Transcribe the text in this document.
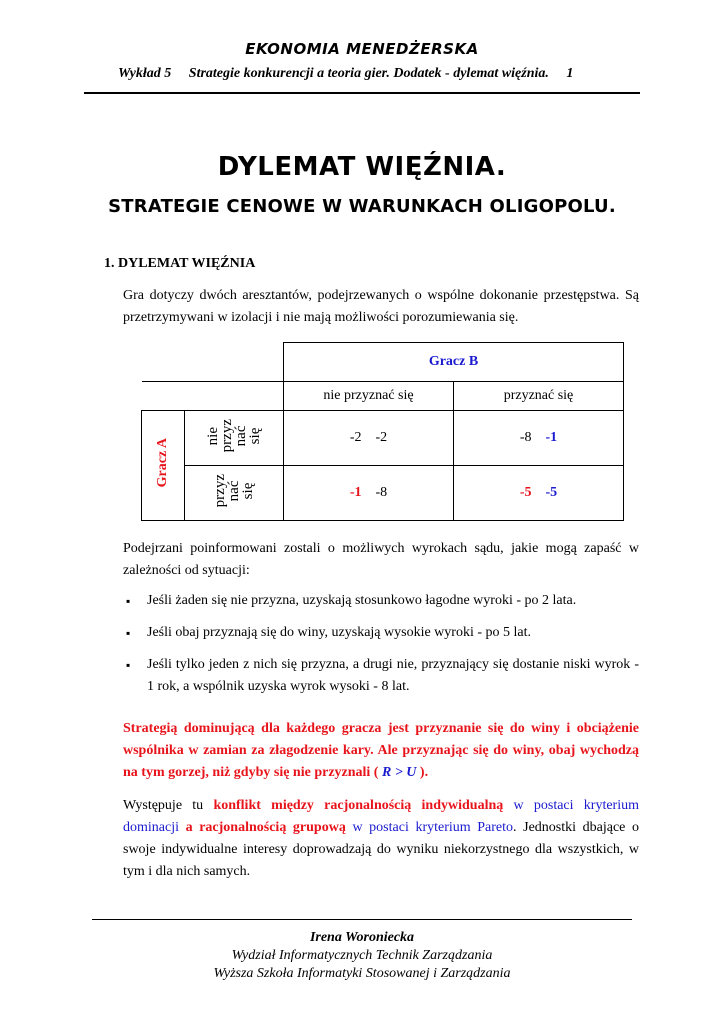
EKONOMIA MENEDŻERSKA
Wykład 5 Strategie konkurencji a teoria gier. Dodatek - dylemat więźnia. 1
DYLEMAT WIĘŹNIA.
STRATEGIE CENOWE W WARUNKACH OLIGOPOLU.
1. DYLEMAT WIĘŹNIA
Gra dotyczy dwóch aresztantów, podejrzewanych o wspólne dokonanie przestępstwa. Są przetrzymywani w izolacji i nie mają możliwości porozumiewania się.
		Gracz B	
		nie przyznać się	przyznać się
Gracz A	nie
przyz
nać
się	-2 -2	-8 -1
	przyz
nać
się	-1 -8	-5 -5
Podejrzani poinformowani zostali o możliwych wyrokach sądu, jakie mogą zapaść w zależności od sytuacji:
▪ Jeśli żaden się nie przyzna, uzyskają stosunkowo łagodne wyroki - po 2 lata.
▪ Jeśli obaj przyznają się do winy, uzyskają wysokie wyroki - po 5 lat.
▪ Jeśli tylko jeden z nich się przyzna, a drugi nie, przyznający się dostanie niski wyrok - 1 rok, a wspólnik uzyska wyrok wysoki - 8 lat.
Strategią dominującą dla każdego gracza jest przyznanie się do winy i obciążenie wspólnika w zamian za złagodzenie kary. Ale przyznając się do winy, obaj wychodzą na tym gorzej, niż gdyby się nie przyznali ( R > U ).
Występuje tu konflikt między racjonalnością indywidualną w postaci kryterium dominacji a racjonalnością grupową w postaci kryterium Pareto. Jednostki dbające o swoje indywidualne interesy doprowadzają do wyniku niekorzystnego dla wszystkich, w tym i dla nich samych.
Irena Woroniecka
Wydział Informatycznych Technik Zarządzania
Wyższa Szkoła Informatyki Stosowanej i Zarządzania
